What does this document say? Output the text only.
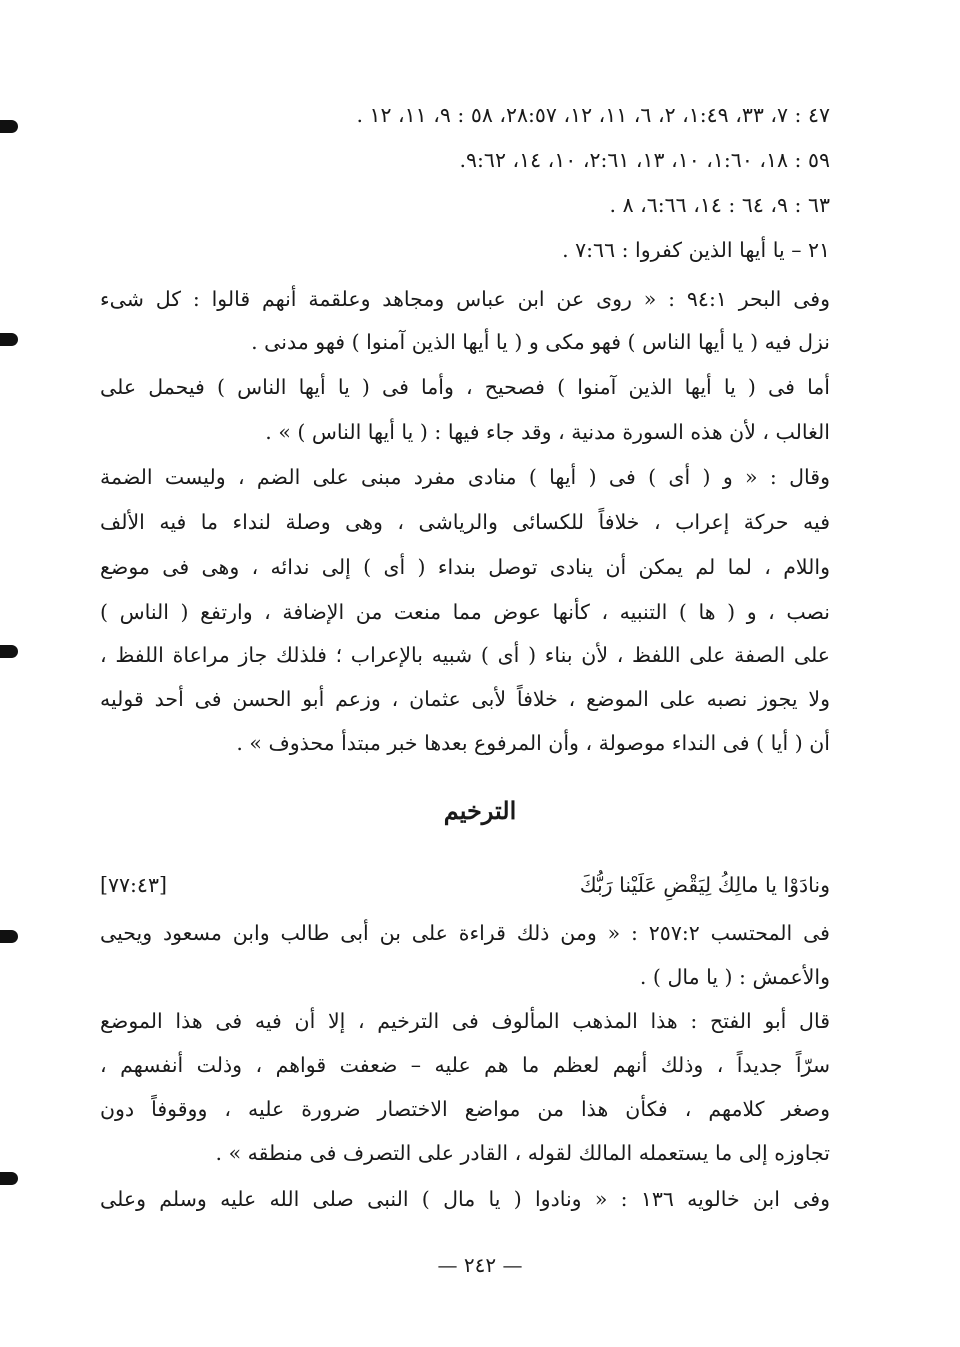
٤٧ : ٧، ٣٣، ١:٤٩، ٢، ٦، ١١، ١٢، ٢٨:٥٧، ٥٨ : ٩، ١١، ١٢ .
٥٩ : ١٨، ١:٦٠، ١٠، ١٣، ٢:٦١، ١٠، ١٤، ٩:٦٢.
٦٣ : ٩، ٦٤ : ١٤، ٦:٦٦، ٨ .
٢١ – يا أيها الذين كفروا : ٧:٦٦ .
وفى البحر ٩٤:١ : « روى عن ابن عباس ومجاهد وعلقمة أنهم قالوا : كل شىء
نزل فيه ( يا أيها الناس ) فهو مكى و ( يا أيها الذين آمنوا ) فهو مدنى .
أما فى ( يا أيها الذين آمنوا ) فصحيح ، وأما فى ( يا أيها الناس ) فيحمل على
الغالب ، لأن هذه السورة مدنية ، وقد جاء فيها : ( يا أيها الناس ) » .
وقال : « و ( أى ) فى ( أيها ) منادى مفرد مبنى على الضم ، وليست الضمة
فيه حركة إعراب ، خلافاً للكسائى والرياشى ، وهى وصلة لنداء ما فيه الألف
واللام ، لما لم يمكن أن ينادى توصل بنداء ( أى ) إلى ندائه ، وهى فى موضع
نصب ، و ( ها ) التنبيه ، كأنها عوض مما منعت من الإضافة ، وارتفع ( الناس )
على الصفة على اللفظ ، لأن بناء ( أى ) شبيه بالإعراب ؛ فلذلك جاز مراعاة اللفظ ،
ولا يجوز نصبه على الموضع ، خلافاً لأبى عثمان ، وزعم أبو الحسن فى أحد قوليه
أن ( أيا ) فى النداء موصولة ، وأن المرفوع بعدها خبر مبتدأ محذوف » .
الترخيم
ونادَوْا يا مالِكُ لِيَقْضِ عَلَيْنا رَبُّكَ
[٧٧:٤٣]
فى المحتسب ٢٥٧:٢ : « ومن ذلك قراءة على بن أبى طالب وابن مسعود ويحيى
والأعمش : ( يا مال ) .
قال أبو الفتح : هذا المذهب المألوف فى الترخيم ، إلا أن فيه فى هذا الموضع
سرّاً جديداً ، وذلك أنهم لعظم ما هم عليه – ضعفت قواهم ، وذلت أنفسهم ،
وصغر كلامهم ، فكأن هذا من مواضع الاختصار ضرورة عليه ، ووقوفاً دون
تجاوزه إلى ما يستعمله المالك لقوله ، القادر على التصرف فى منطقه » .
وفى ابن خالويه ١٣٦ : « ونادوا ( يا مال ) النبى صلى الله عليه وسلم وعلى
— ٢٤٢ —
